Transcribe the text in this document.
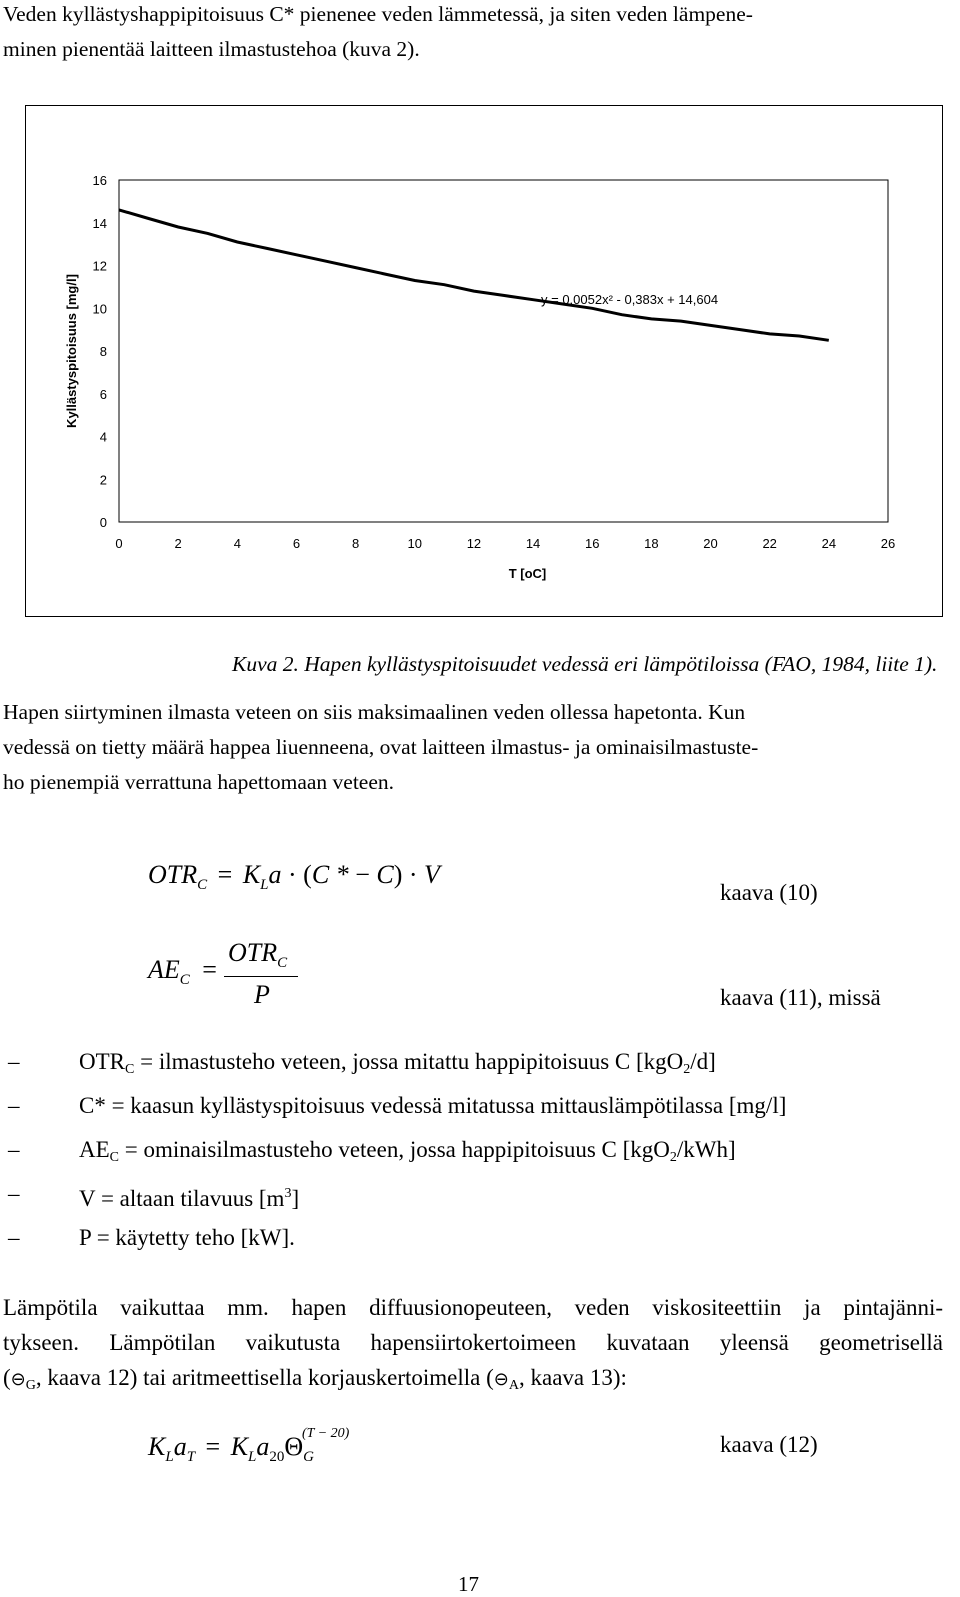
Veden kyllästyshappipitoisuus C* pienenee veden lämmetessä, ja siten veden lämpene-

minen pienentää laitteen ilmastustehoa (kuva 2).

0
2
4
6
8
10
12
14
16
0	2	4	6	8	10	12	14	16	18	20	22	24	26
T [oC]
Kyllästyspitoisuus [mg/l]	y = 0,0052x² - 0,383x + 14,604

Kuva 2. Hapen kyllästyspitoisuudet vedessä eri lämpötiloissa (FAO, 1984, liite 1).

Hapen siirtyminen ilmasta veteen on siis maksimaalinen veden ollessa hapetonta. Kun

vedessä on tietty määrä happea liuenneena, ovat laitteen ilmastus- ja ominaisilmastuste-

ho pienempiä verrattuna hapettomaan veteen.

$OTR_C = K_La \cdot (C$ * − C) · V
kaava (10)
$AE_C$ =
$OTR_C$
P	kaava (11), missä
–	$OTR_C$ = ilmastusteho veteen, jossa mitattu happipitoisuus C [kgO$_2$/d]
–	C* = kaasun kyllästyspitoisuus vedessä mitatussa mittauslämpötilassa [mg/l]
–	$AE_C$ = ominaisilmastusteho veteen, jossa happipitoisuus C [kgO$_2$/kWh]
–	V = altaan tilavuus $[m^3]$
–	P = käytetty teho [kW].
Lämpötila vaikuttaa mm. hapen diffuusionopeuteen, veden viskositeettiin ja pintajänni-
tykseen. Lämpötilan vaikutusta hapensiirtokertoimeen kuvataan yleensä geometrisellä
($⊖_G$, kaava 12) tai aritmeettisella korjauskertoimella ($⊖_A$, kaava 13):
$K_La_T = K_La_{20}\Theta_G^{(T - 20)}$	kaava (12)
17
